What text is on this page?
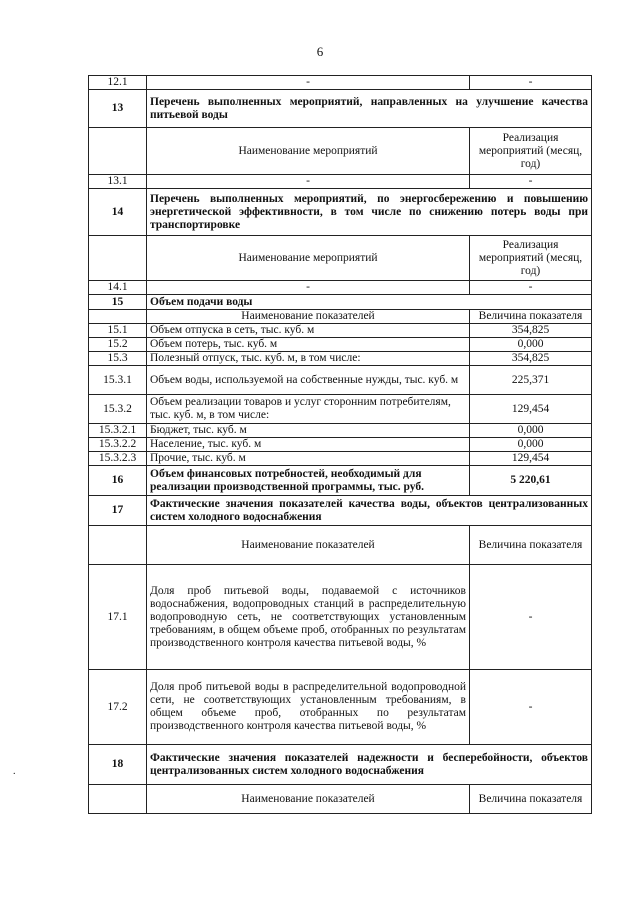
6
.
12.1	-	-
13	Перечень выполненных мероприятий, направленных на улучшение качества питьевой воды	
	Наименование мероприятий	Реализация мероприятий (месяц, год)
13.1	-	-
14	Перечень выполненных мероприятий, по энергосбережению и повышению энергетической эффективности, в том числе по снижению потерь воды при транспортировке	
	Наименование мероприятий	Реализация мероприятий (месяц, год)
14.1	-	-
15	Объем подачи воды	
	Наименование показателей	Величина показателя
15.1	Объем отпуска в сеть, тыс. куб. м	354,825
15.2	Объем потерь, тыс. куб. м	0,000
15.3	Полезный отпуск, тыс. куб. м, в том числе:	354,825
15.3.1	Объем воды, используемой на собственные нужды, тыс. куб. м	225,371
15.3.2	Объем реализации товаров и услуг сторонним потребителям, тыс. куб. м, в том числе:	129,454
15.3.2.1	Бюджет, тыс. куб. м	0,000
15.3.2.2	Население, тыс. куб. м	0,000
15.3.2.3	Прочие, тыс. куб. м	129,454
16	Объем финансовых потребностей, необходимый для реализации производственной программы, тыс. руб.	5 220,61
17	Фактические значения показателей качества воды, объектов централизованных систем холодного водоснабжения	
	Наименование показателей	Величина показателя
17.1	Доля проб питьевой воды, подаваемой с источников водоснабжения, водопроводных станций в распределительную водопроводную сеть, не соответствующих установленным требованиям, в общем объеме проб, отобранных по результатам производственного контроля качества питьевой воды, %	-
17.2	Доля проб питьевой воды в распределительной водопроводной сети, не соответствующих установленным требованиям, в общем объеме проб, отобранных по результатам производственного контроля качества питьевой воды, %	-
18	Фактические значения показателей надежности и бесперебойности, объектов централизованных систем холодного водоснабжения	
	Наименование показателей	Величина показателя
